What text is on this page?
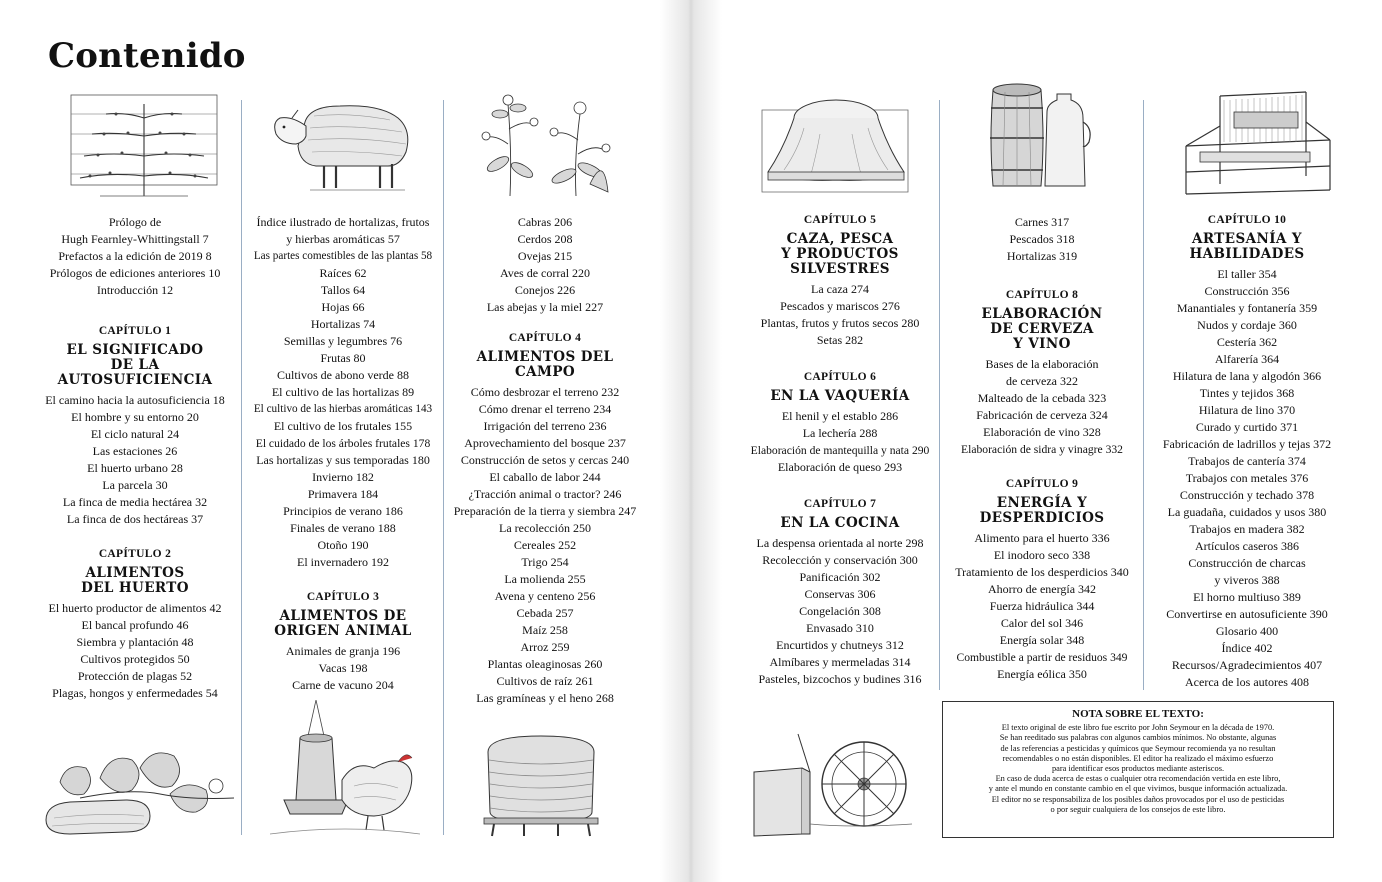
Contenido
Prólogo de
Hugh Fearnley-Whittingstall 7
Prefactos a la edición de 2019 8
Prólogos de ediciones anteriores 10
Introducción 12
CAPÍTULO 1
EL SIGNIFICADO
DE LA
AUTOSUFICIENCIA
El camino hacia la autosuficiencia 18
El hombre y su entorno 20
El ciclo natural 24
Las estaciones 26
El huerto urbano 28
La parcela 30
La finca de media hectárea 32
La finca de dos hectáreas 37
CAPÍTULO 2
ALIMENTOS
DEL HUERTO
El huerto productor de alimentos 42
El bancal profundo 46
Siembra y plantación 48
Cultivos protegidos 50
Protección de plagas 52
Plagas, hongos y enfermedades 54
Índice ilustrado de hortalizas, frutos
y hierbas aromáticas 57
Las partes comestibles de las plantas 58
Raíces 62
Tallos 64
Hojas 66
Hortalizas 74
Semillas y legumbres 76
Frutas 80
Cultivos de abono verde 88
El cultivo de las hortalizas 89
El cultivo de las hierbas aromáticas 143
El cultivo de los frutales 155
El cuidado de los árboles frutales 178
Las hortalizas y sus temporadas 180
Invierno 182
Primavera 184
Principios de verano 186
Finales de verano 188
Otoño 190
El invernadero 192
CAPÍTULO 3
ALIMENTOS DE
ORIGEN ANIMAL
Animales de granja 196
Vacas 198
Carne de vacuno 204
Cabras 206
Cerdos 208
Ovejas 215
Aves de corral 220
Conejos 226
Las abejas y la miel 227
CAPÍTULO 4
ALIMENTOS DEL CAMPO
Cómo desbrozar el terreno 232
Cómo drenar el terreno 234
Irrigación del terreno 236
Aprovechamiento del bosque 237
Construcción de setos y cercas 240
El caballo de labor 244
¿Tracción animal o tractor? 246
Preparación de la tierra y siembra 247
La recolección 250
Cereales 252
Trigo 254
La molienda 255
Avena y centeno 256
Cebada 257
Maíz 258
Arroz 259
Plantas oleaginosas 260
Cultivos de raíz 261
Las gramíneas y el heno 268
CAPÍTULO 5
CAZA, PESCA
Y PRODUCTOS
SILVESTRES
La caza 274
Pescados y mariscos 276
Plantas, frutos y frutos secos 280
Setas 282
CAPÍTULO 6
EN LA VAQUERÍA
El henil y el establo 286
La lechería 288
Elaboración de mantequilla y nata 290
Elaboración de queso 293
CAPÍTULO 7
EN LA COCINA
La despensa orientada al norte 298
Recolección y conservación 300
Panificación 302
Conservas 306
Congelación 308
Envasado 310
Encurtidos y chutneys 312
Almíbares y mermeladas 314
Pasteles, bizcochos y budines 316
Carnes 317
Pescados 318
Hortalizas 319
CAPÍTULO 8
ELABORACIÓN
DE CERVEZA
Y VINO
Bases de la elaboración
de cerveza 322
Malteado de la cebada 323
Fabricación de cerveza 324
Elaboración de vino 328
Elaboración de sidra y vinagre 332
CAPÍTULO 9
ENERGÍA Y
DESPERDICIOS
Alimento para el huerto 336
El inodoro seco 338
Tratamiento de los desperdicios 340
Ahorro de energía 342
Fuerza hidráulica 344
Calor del sol 346
Energía solar 348
Combustible a partir de residuos 349
Energía eólica 350
CAPÍTULO 10
ARTESANÍA Y
HABILIDADES
El taller 354
Construcción 356
Manantiales y fontanería 359
Nudos y cordaje 360
Cestería 362
Alfarería 364
Hilatura de lana y algodón 366
Tintes y tejidos 368
Hilatura de lino 370
Curado y curtido 371
Fabricación de ladrillos y tejas 372
Trabajos de cantería 374
Trabajos con metales 376
Construcción y techado 378
La guadaña, cuidados y usos 380
Trabajos en madera 382
Artículos caseros 386
Construcción de charcas
y viveros 388
El horno multiuso 389
Convertirse en autosuficiente 390
Glosario 400
Índice 402
Recursos/Agradecimientos 407
Acerca de los autores 408
NOTA SOBRE EL TEXTO:
El texto original de este libro fue escrito por John Seymour en la década de 1970.
Se han reeditado sus palabras con algunos cambios mínimos. No obstante, algunas
de las referencias a pesticidas y químicos que Seymour recomienda ya no resultan
recomendables o no están disponibles. El editor ha realizado el máximo esfuerzo
para identificar esos productos mediante asteriscos.
En caso de duda acerca de estas o cualquier otra recomendación vertida en este libro,
y ante el mundo en constante cambio en el que vivimos, busque información actualizada.
El editor no se responsabiliza de los posibles daños provocados por el uso de pesticidas
o por seguir cualquiera de los consejos de este libro.
